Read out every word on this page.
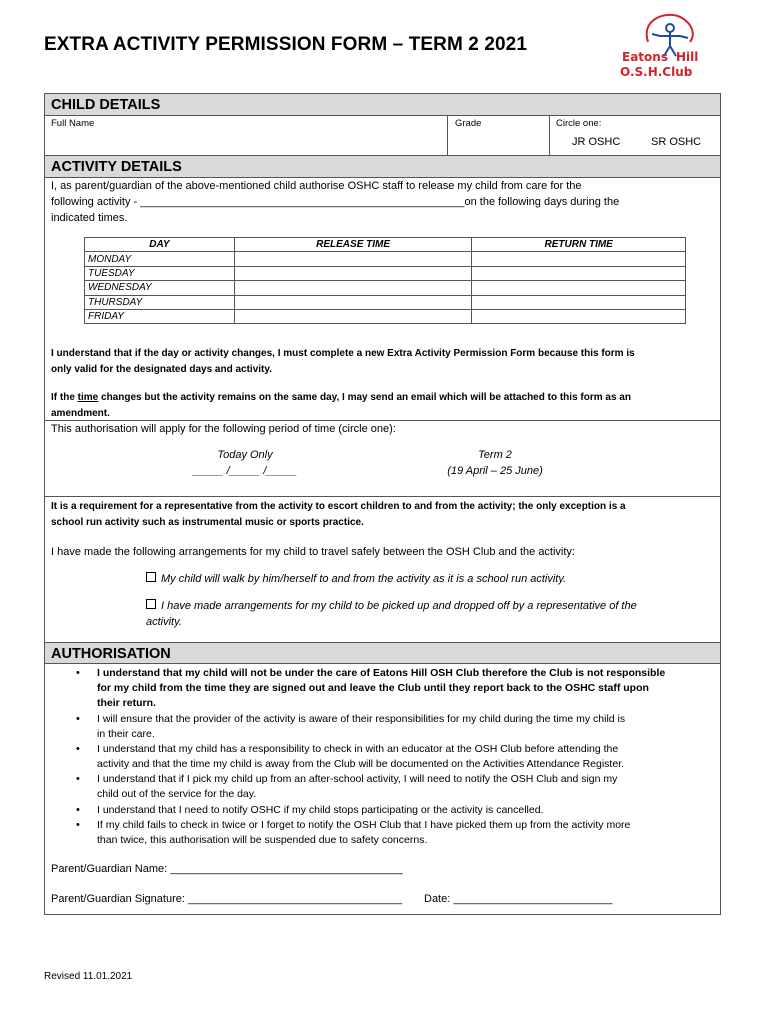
EXTRA ACTIVITY PERMISSION FORM – TERM 2 2021
Eatons Hill
O.S.H.Club
CHILD DETAILS
Full Name	Grade	Circle one:
JR OSHC	SR OSHC
ACTIVITY DETAILS
I, as parent/guardian of the above-mentioned child authorise OSHC staff to release my child from care for the
following activity - _____________________________________________________on the following days during the
indicated times.
DAY	RELEASE TIME	RETURN TIME
MONDAY		
TUESDAY		
WEDNESDAY		
THURSDAY		
FRIDAY		
I understand that if the day or activity changes, I must complete a new Extra Activity Permission Form because this form is
only valid for the designated days and activity.
If the time changes but the activity remains on the same day, I may send an email which will be attached to this form as an
amendment.
This authorisation will apply for the following period of time (circle one):
Today Only
_____ /_____ /_____
Term 2
(19 April – 25 June)
It is a requirement for a representative from the activity to escort children to and from the activity; the only exception is a
school run activity such as instrumental music or sports practice.
I have made the following arrangements for my child to travel safely between the OSH Club and the activity:
My child will walk by him/herself to and from the activity as it is a school run activity.
I have made arrangements for my child to be picked up and dropped off by a representative of the
activity.
AUTHORISATION
• I understand that my child will not be under the care of Eatons Hill OSH Club therefore the Club is not responsible
for my child from the time they are signed out and leave the Club until they report back to the OSHC staff upon
their return.
• I will ensure that the provider of the activity is aware of their responsibilities for my child during the time my child is
in their care.
• I understand that my child has a responsibility to check in with an educator at the OSH Club before attending the
activity and that the time my child is away from the Club will be documented on the Activities Attendance Register.
• I understand that if I pick my child up from an after-school activity, I will need to notify the OSH Club and sign my
child out of the service for the day.
• I understand that I need to notify OSHC if my child stops participating or the activity is cancelled.
• If my child fails to check in twice or I forget to notify the OSH Club that I have picked them up from the activity more
than twice, this authorisation will be suspended due to safety concerns.
Parent/Guardian Name: ______________________________________
Parent/Guardian Signature: ___________________________________ Date: __________________________
Revised 11.01.2021
